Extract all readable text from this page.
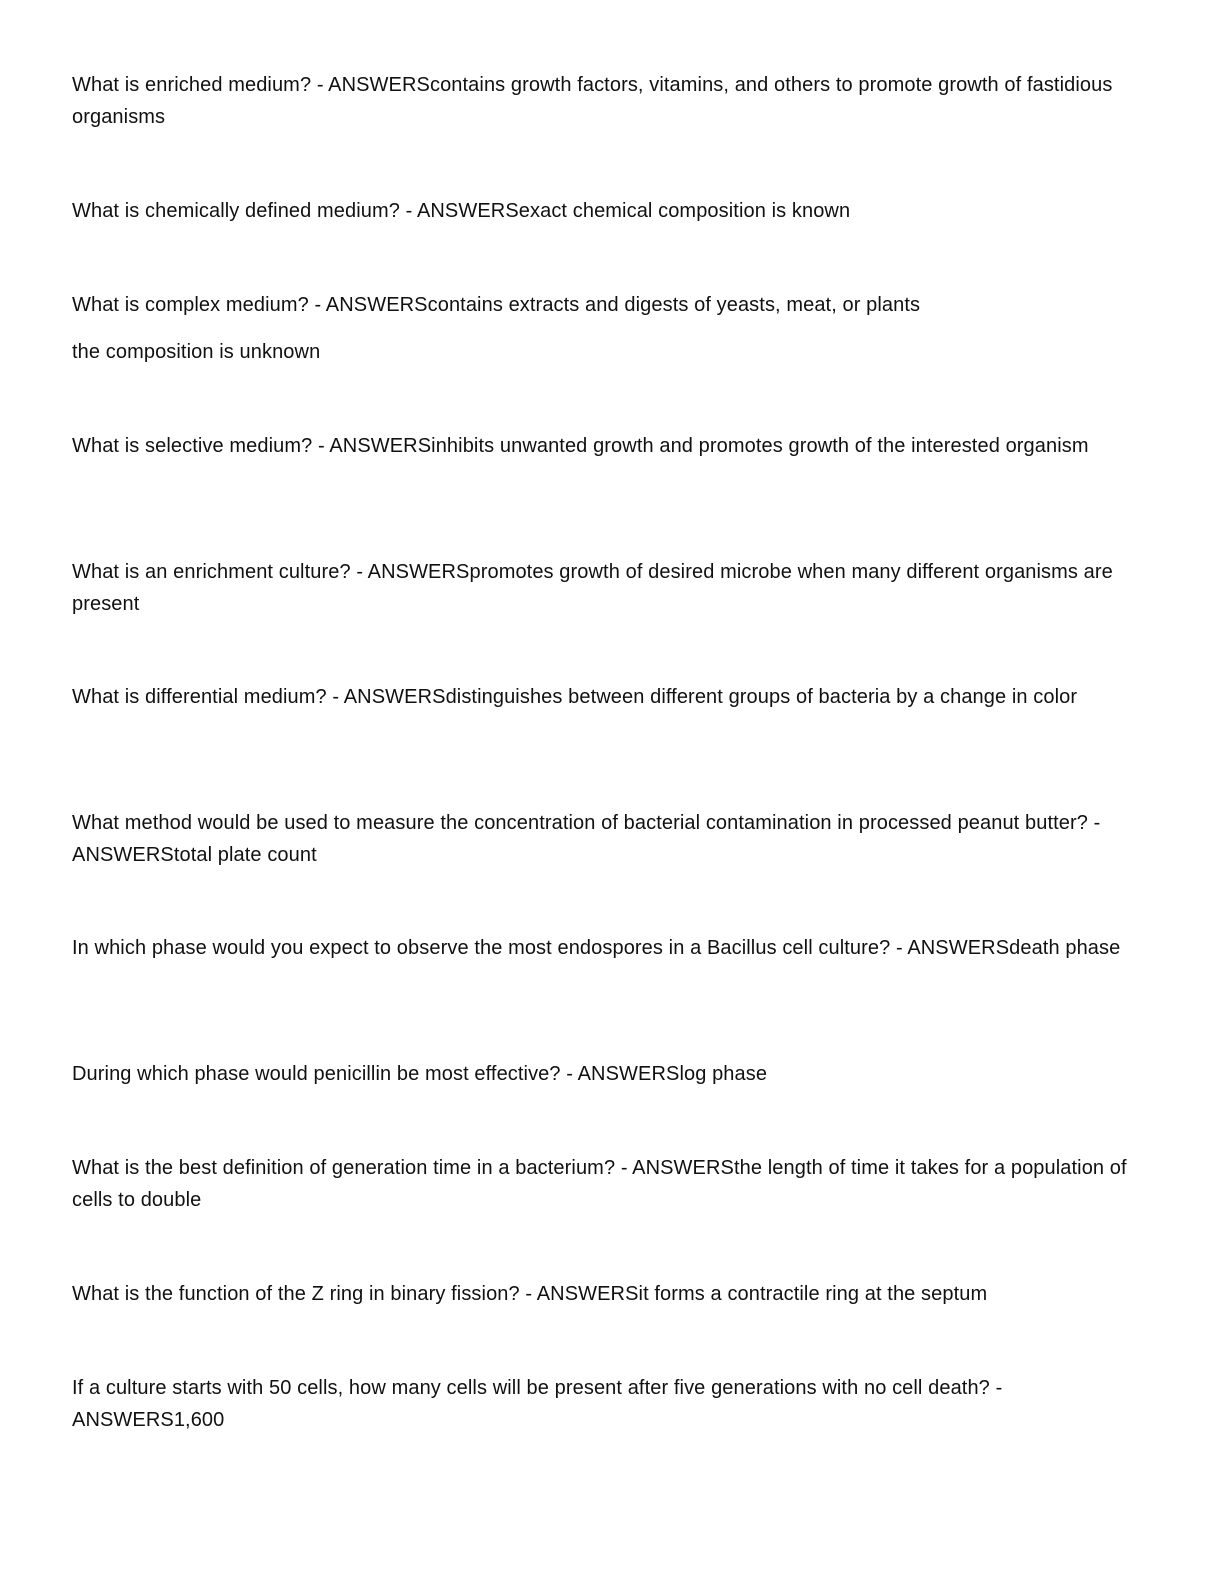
What is enriched medium? - ANSWERScontains growth factors, vitamins, and others to promote growth of fastidious organisms

What is chemically defined medium? - ANSWERSexact chemical composition is known

What is complex medium? - ANSWERScontains extracts and digests of yeasts, meat, or plants

the composition is unknown

What is selective medium? - ANSWERSinhibits unwanted growth and promotes growth of the interested organism

What is an enrichment culture? - ANSWERSpromotes growth of desired microbe when many different organisms are present

What is differential medium? - ANSWERSdistinguishes between different groups of bacteria by a change in color

What method would be used to measure the concentration of bacterial contamination in processed peanut butter? - ANSWERStotal plate count

In which phase would you expect to observe the most endospores in a Bacillus cell culture? - ANSWERSdeath phase

During which phase would penicillin be most effective? - ANSWERSlog phase

What is the best definition of generation time in a bacterium? - ANSWERSthe length of time it takes for a population of cells to double

What is the function of the Z ring in binary fission? - ANSWERSit forms a contractile ring at the septum

If a culture starts with 50 cells, how many cells will be present after five generations with no cell death? - ANSWERS1,600
